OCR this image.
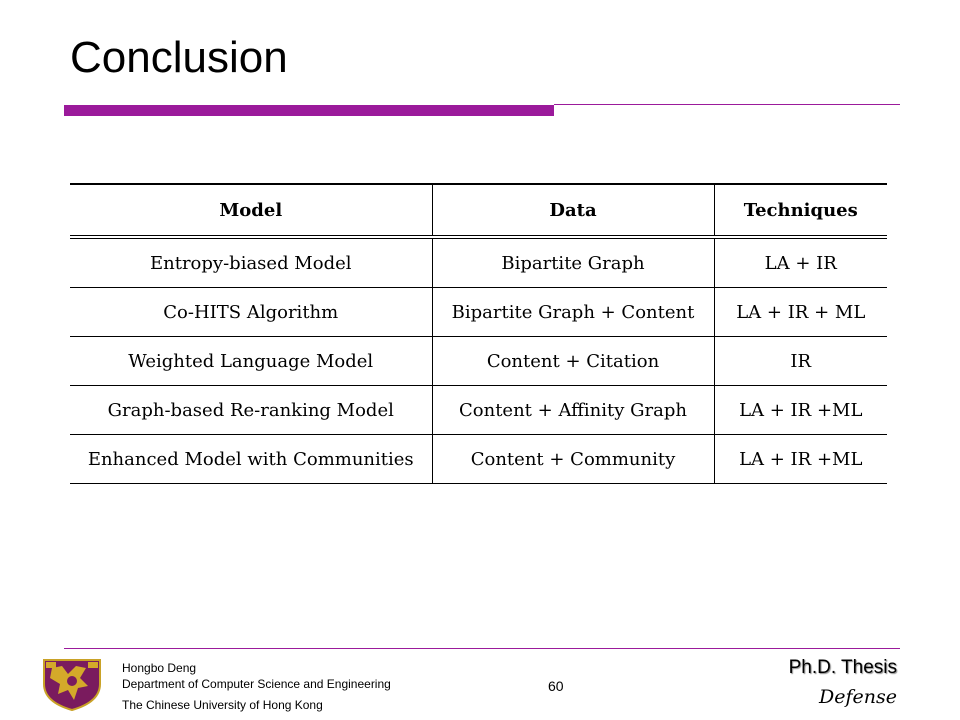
Conclusion
Model	Data	Techniques
Entropy-biased Model	Bipartite Graph	LA + IR
Co-HITS Algorithm	Bipartite Graph + Content	LA + IR + ML
Weighted Language Model	Content + Citation	IR
Graph-based Re-ranking Model	Content + Affinity Graph	LA + IR +ML
Enhanced Model with Communities	Content + Community	LA + IR +ML
Hongbo Deng
Department of Computer Science and Engineering
The Chinese University of Hong Kong
60
Ph.D. Thesis
Defense
